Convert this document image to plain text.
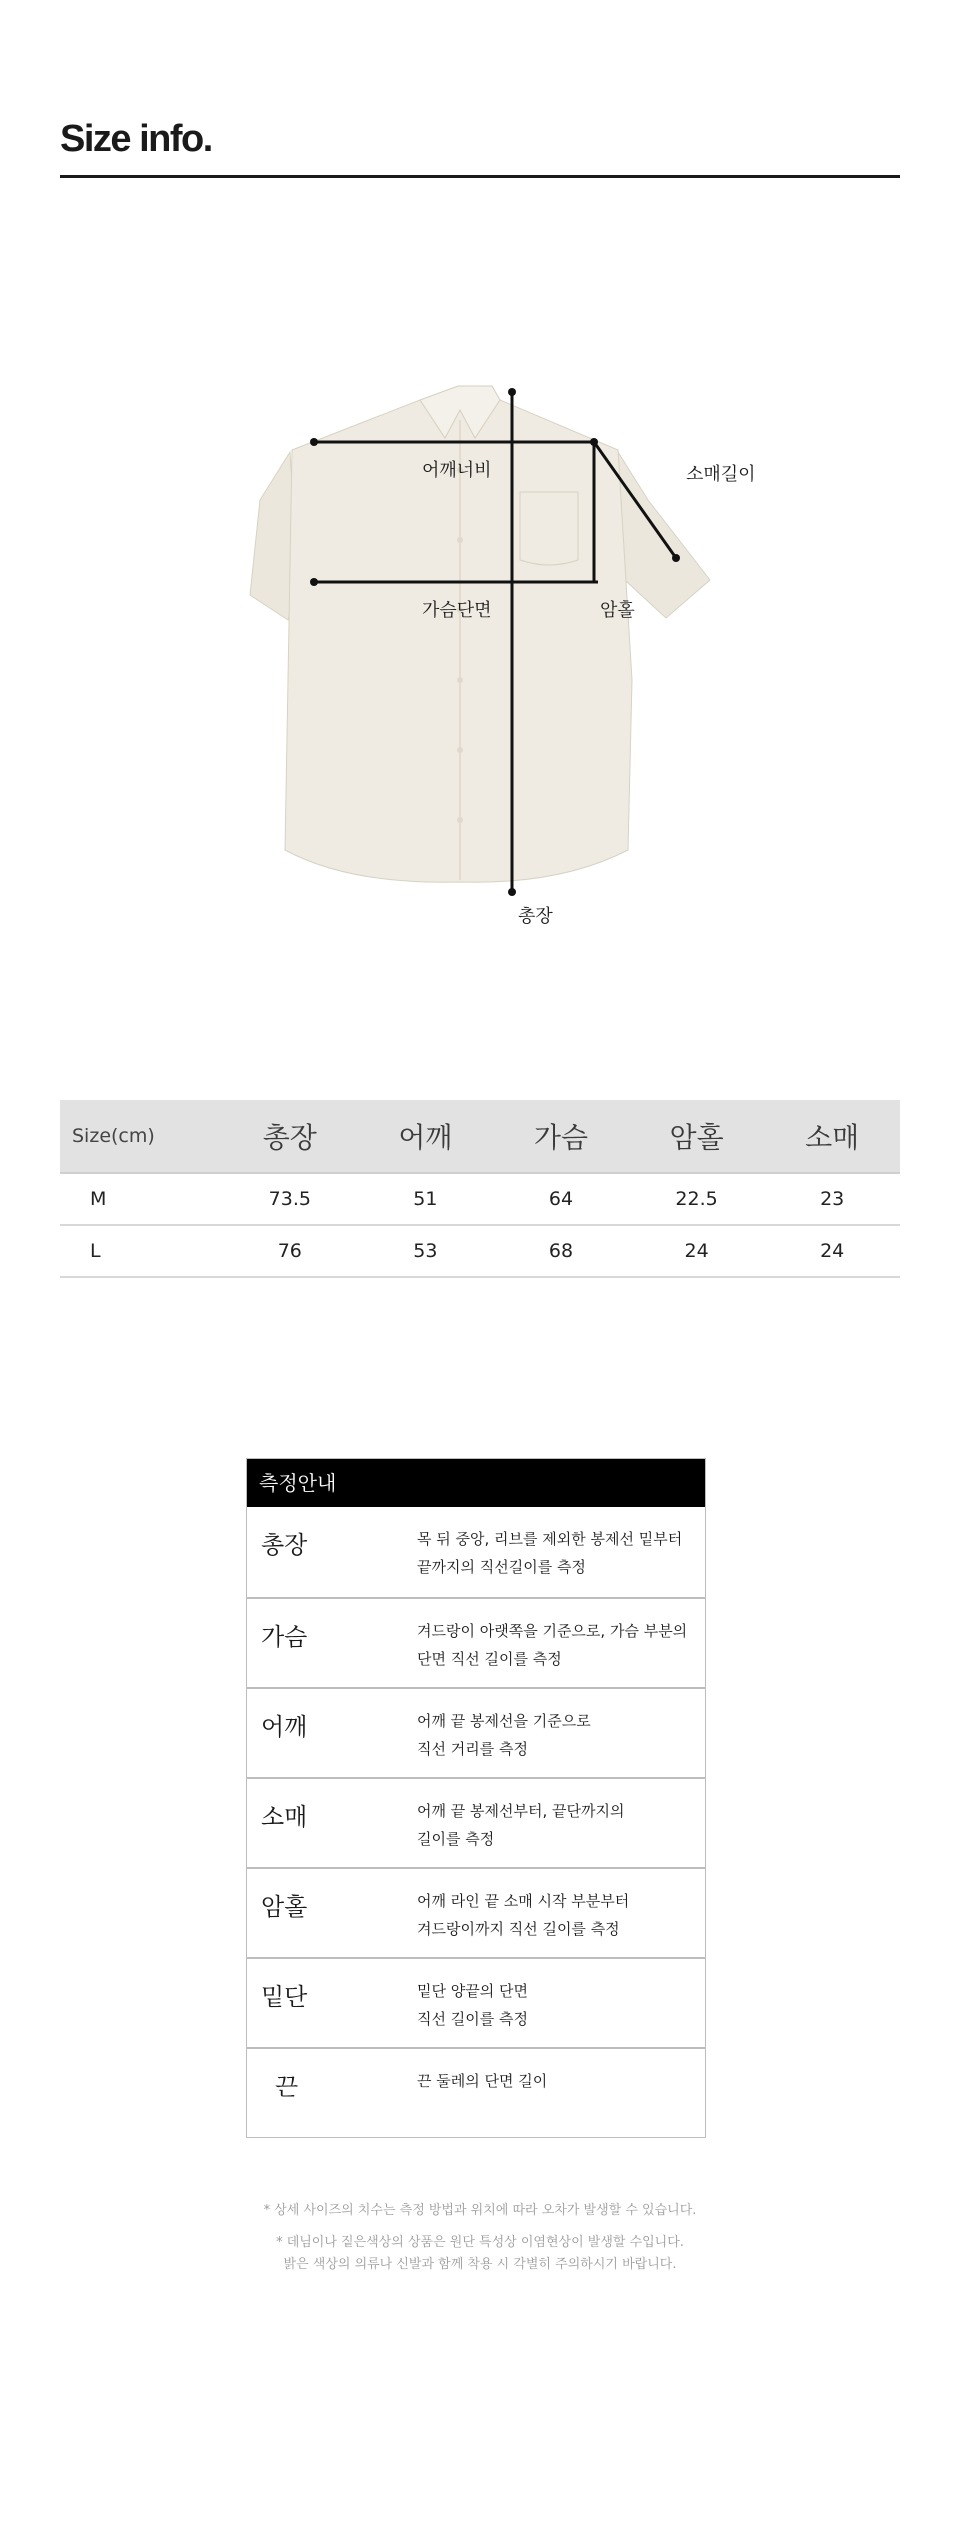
Size info.
어깨너비	소매길이
가슴단면	암홀
총장
Size(cm)	총장	어깨	가슴	암홀	소매
M	73.5	51	64	22.5	23
L	76	53	68	24	24
측정안내
총장	목 뒤 중앙, 리브를 제외한 봉제선 밑부터
끝까지의 직선길이를 측정
가슴	겨드랑이 아랫쪽을 기준으로, 가슴 부분의
단면 직선 길이를 측정
어깨	어깨 끝 봉제선을 기준으로
직선 거리를 측정
소매	어깨 끝 봉제선부터, 끝단까지의
길이를 측정
암홀	어깨 라인 끝 소매 시작 부분부터
겨드랑이까지 직선 길이를 측정
밑단	밑단 양끝의 단면
직선 길이를 측정
끈	끈 둘레의 단면 길이
* 상세 사이즈의 치수는 측정 방법과 위치에 따라 오차가 발생할 수 있습니다.
* 데님이나 짙은색상의 상품은 원단 특성상 이염현상이 발생할 수입니다.
밝은 색상의 의류나 신발과 함께 착용 시 각별히 주의하시기 바랍니다.
